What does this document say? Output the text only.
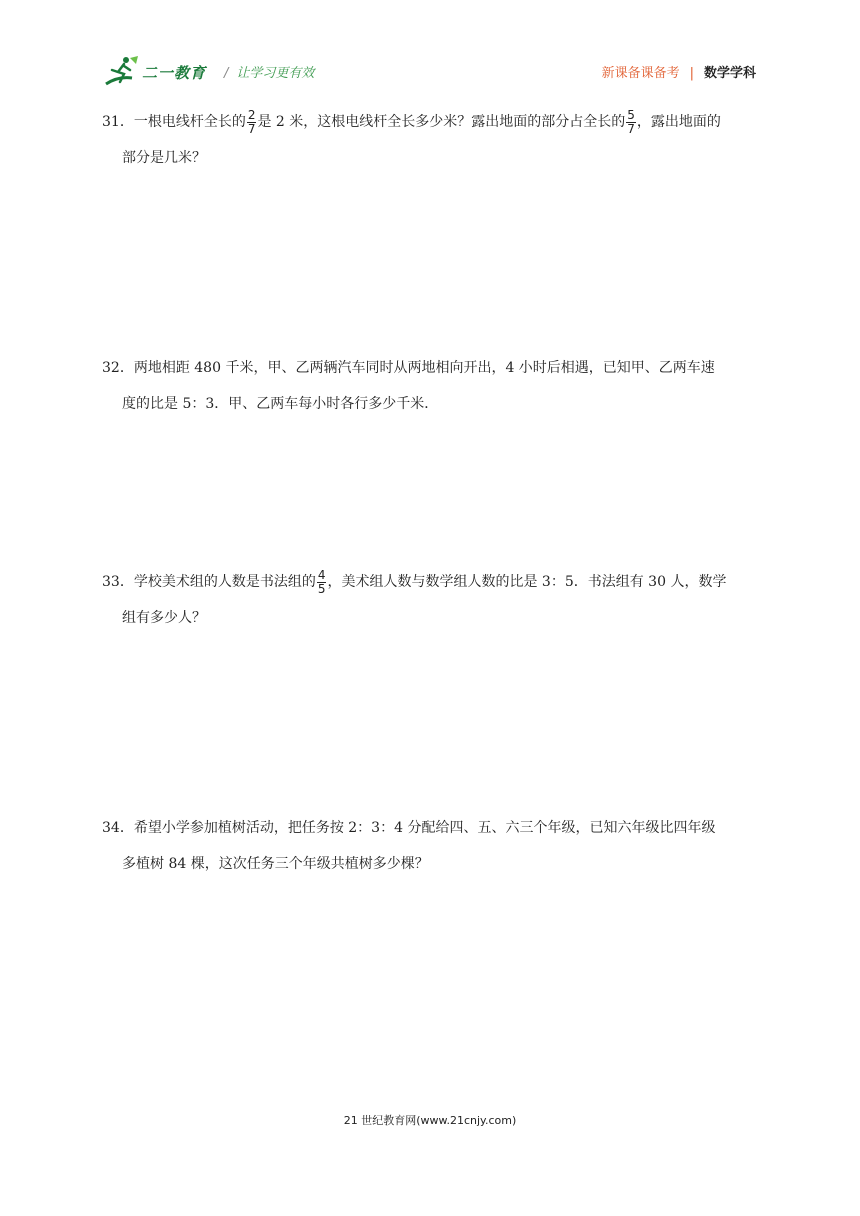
二一教育 / 让学习更有效	新课备课备考 | 数学学科
31．一根电线杆全长的 $\frac{2}{7}$ 是 2 米，这根电线杆全长多少米？露出地面的部分占全长的 $\frac{5}{7}$ ，露出地面的
部分是几米？
32．两地相距 480 千米，甲、乙两辆汽车同时从两地相向开出，4 小时后相遇，已知甲、乙两车速
度的比是 5：3．甲、乙两车每小时各行多少千米．
33．学校美术组的人数是书法组的 $\frac{4}{5}$ ，美术组人数与数学组人数的比是 3：5．书法组有 30 人，数学
组有多少人？
34．希望小学参加植树活动，把任务按 2：3：4 分配给四、五、六三个年级，已知六年级比四年级
多植树 84 棵，这次任务三个年级共植树多少棵？
21 世纪教育网(www.21cnjy.com)
